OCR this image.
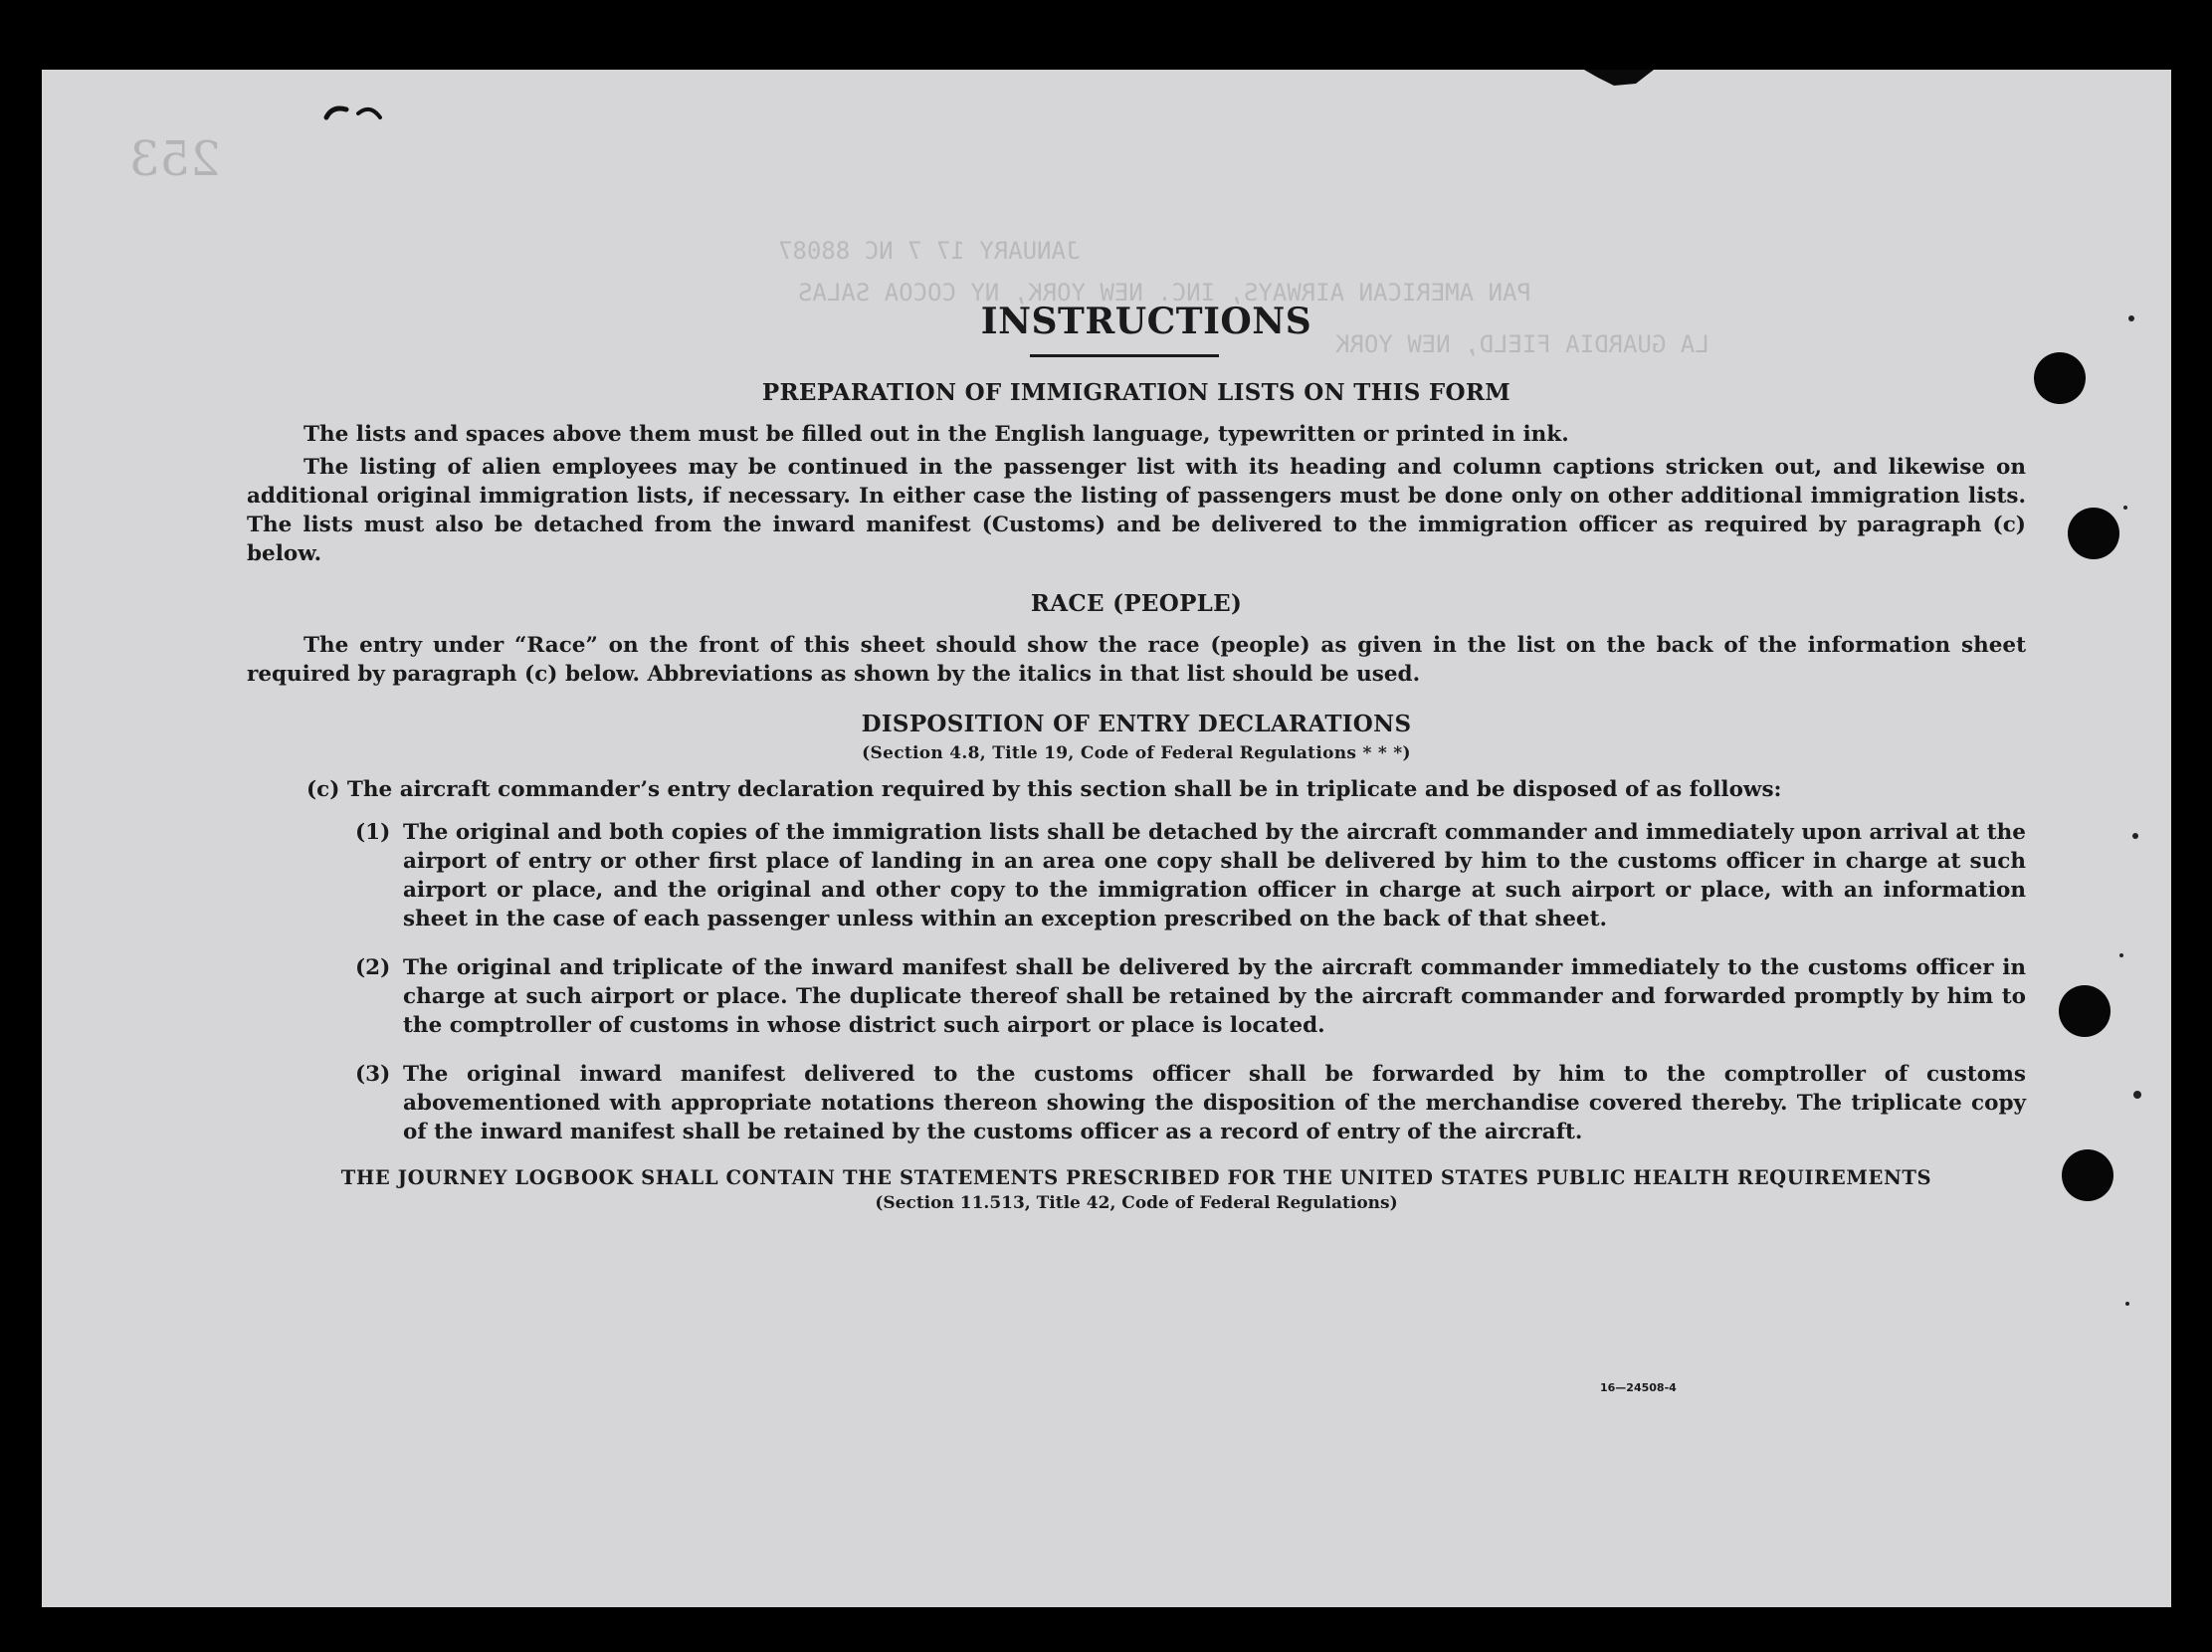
253
JANUARY 17 7 NC 88087
PAN AMERICAN AIRWAYS, INC. NEW YORK, NY COCOA SALAS
LA GUARDIA FIELD, NEW YORK
INSTRUCTIONS
PREPARATION OF IMMIGRATION LISTS ON THIS FORM

The lists and spaces above them must be filled out in the English language, typewritten or printed in ink.

The listing of alien employees may be continued in the passenger list with its heading and column captions stricken out, and likewise on additional original immigration lists, if necessary. In either case the listing of passengers must be done only on other additional immigration lists. The lists must also be detached from the inward manifest (Customs) and be delivered to the immigration officer as required by paragraph (c) below.

RACE (PEOPLE)

The entry under “Race” on the front of this sheet should show the race (people) as given in the list on the back of the information sheet required by paragraph (c) below. Abbreviations as shown by the italics in that list should be used.

DISPOSITION OF ENTRY DECLARATIONS
(Section 4.8, Title 19, Code of Federal Regulations * * *)

(c) The aircraft commander’s entry declaration required by this section shall be in triplicate and be disposed of as follows:

(1) The original and both copies of the immigration lists shall be detached by the aircraft commander and immediately upon arrival at the airport of entry or other first place of landing in an area one copy shall be delivered by him to the customs officer in charge at such airport or place, and the original and other copy to the immigration officer in charge at such airport or place, with an information sheet in the case of each passenger unless within an exception prescribed on the back of that sheet.

(2) The original and triplicate of the inward manifest shall be delivered by the aircraft commander immediately to the customs officer in charge at such airport or place. The duplicate thereof shall be retained by the aircraft commander and forwarded promptly by him to the comptroller of customs in whose district such airport or place is located.

(3) The original inward manifest delivered to the customs officer shall be forwarded by him to the comptroller of customs abovementioned with appropriate notations thereon showing the disposition of the merchandise covered thereby. The triplicate copy of the inward manifest shall be retained by the customs officer as a record of entry of the aircraft.

THE JOURNEY LOGBOOK SHALL CONTAIN THE STATEMENTS PRESCRIBED FOR THE UNITED STATES PUBLIC HEALTH REQUIREMENTS
(Section 11.513, Title 42, Code of Federal Regulations)
16—24508-4
